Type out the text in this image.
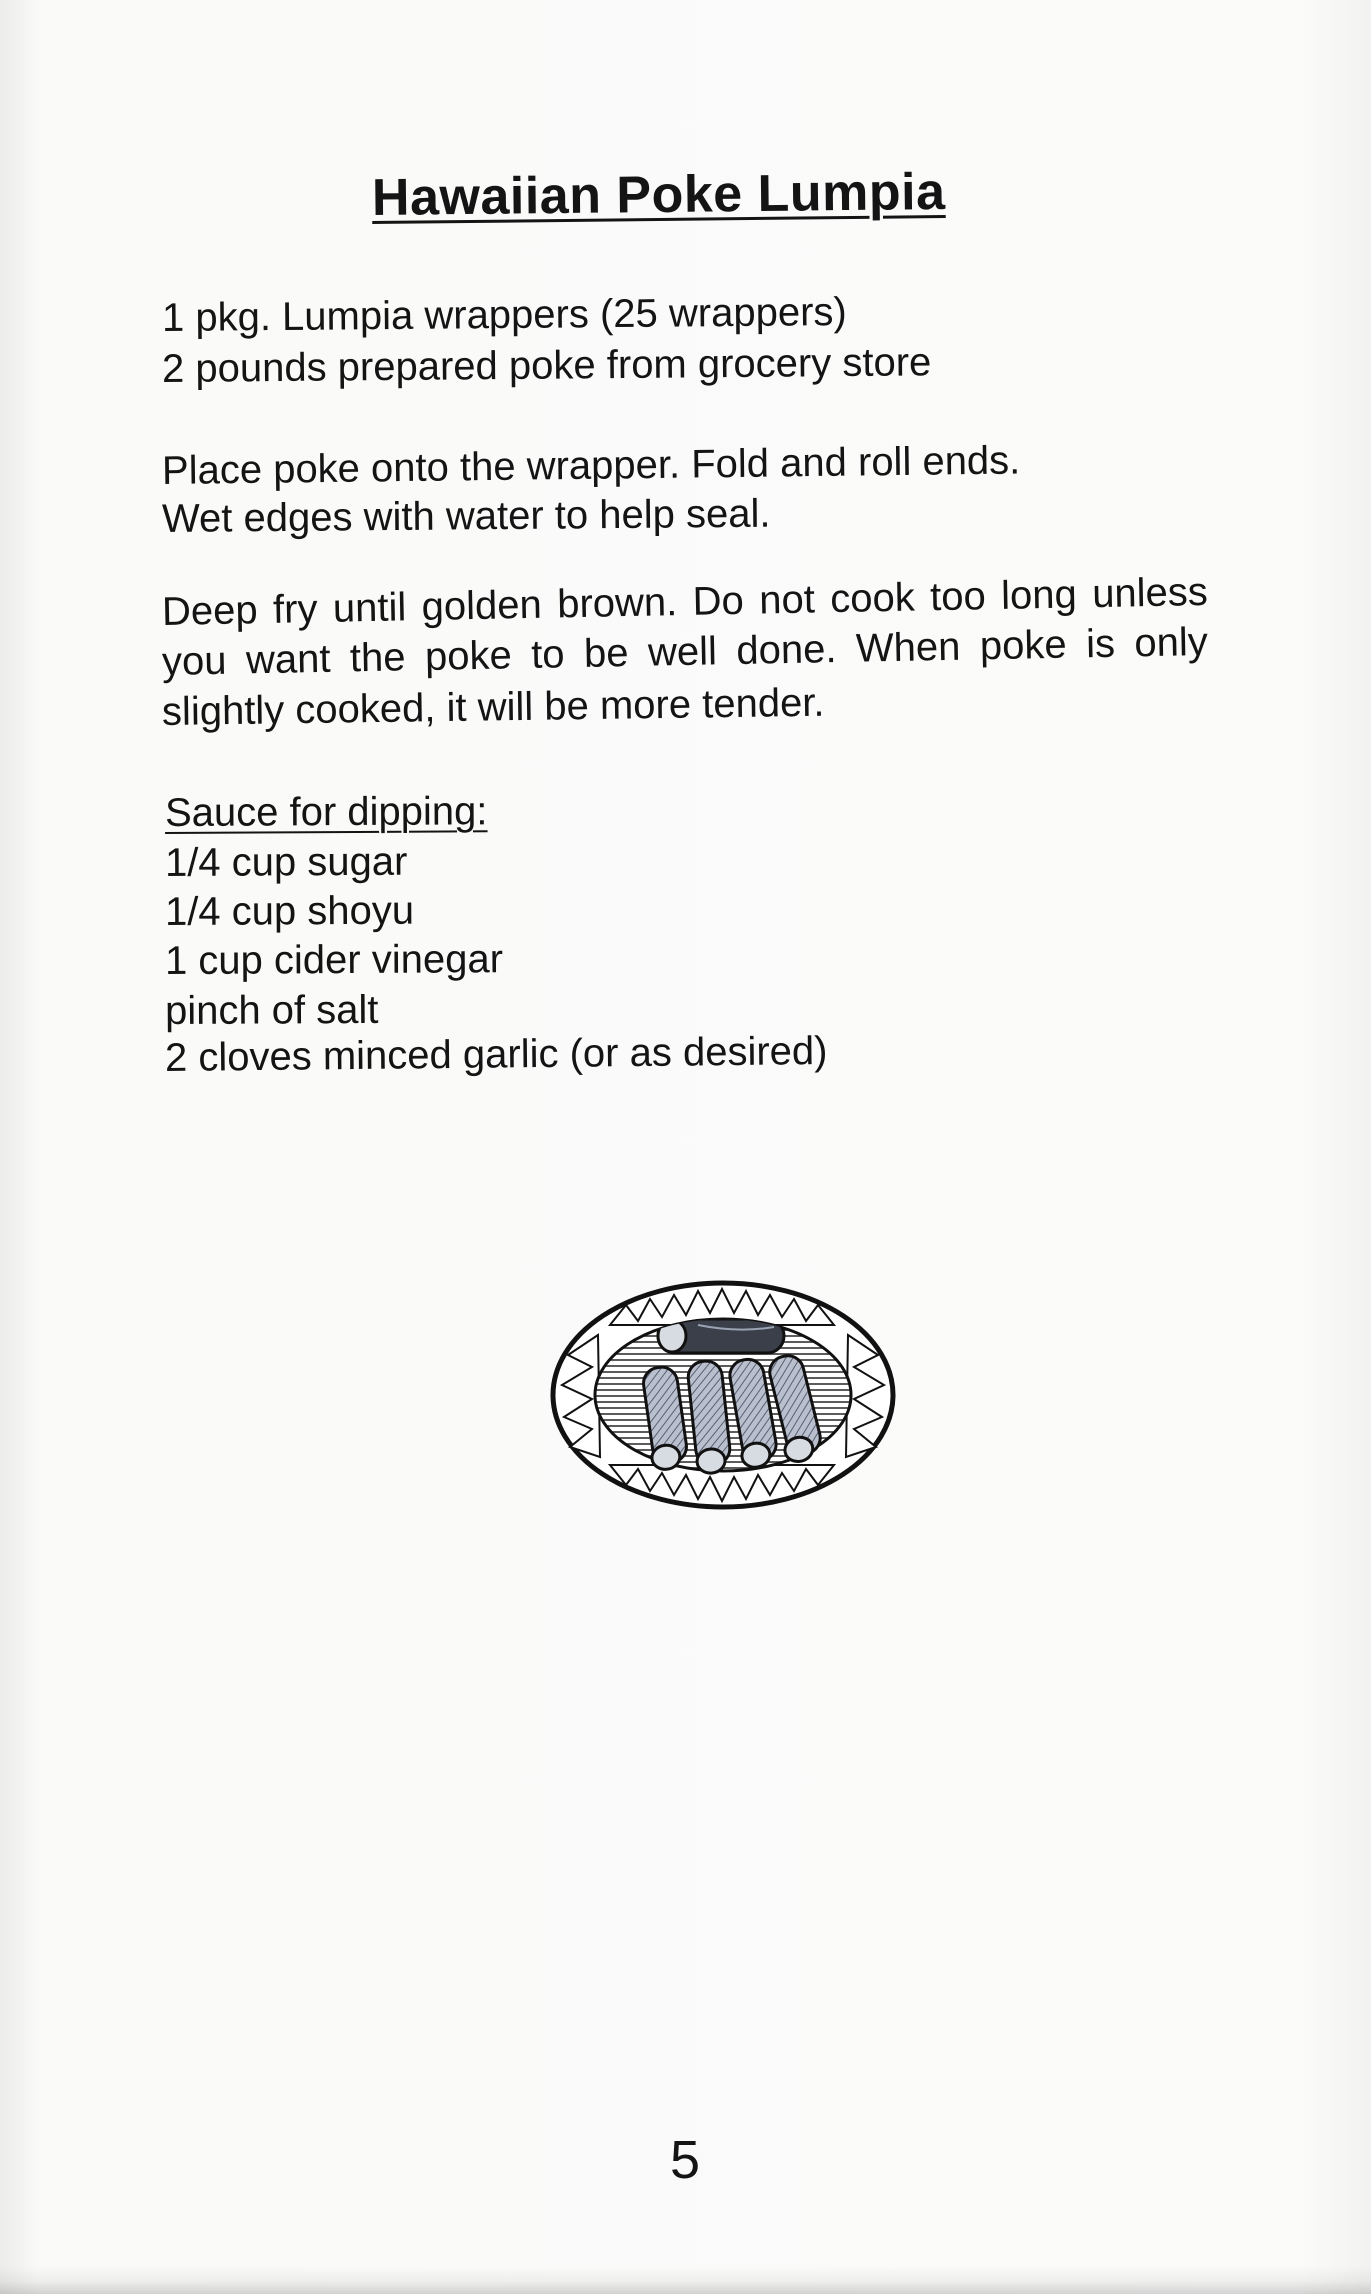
Hawaiian Poke Lumpia
1 pkg. Lumpia wrappers (25 wrappers)
2 pounds prepared poke from grocery store
Place poke onto the wrapper. Fold and roll ends.
Wet edges with water to help seal.
Deep fry until golden brown. Do not cook too long unless
you want the poke to be well done. When poke is only
slightly cooked, it will be more tender.
Sauce for dipping:
1/4 cup sugar
1/4 cup shoyu
1 cup cider vinegar
pinch of salt
2 cloves minced garlic (or as desired)
5
